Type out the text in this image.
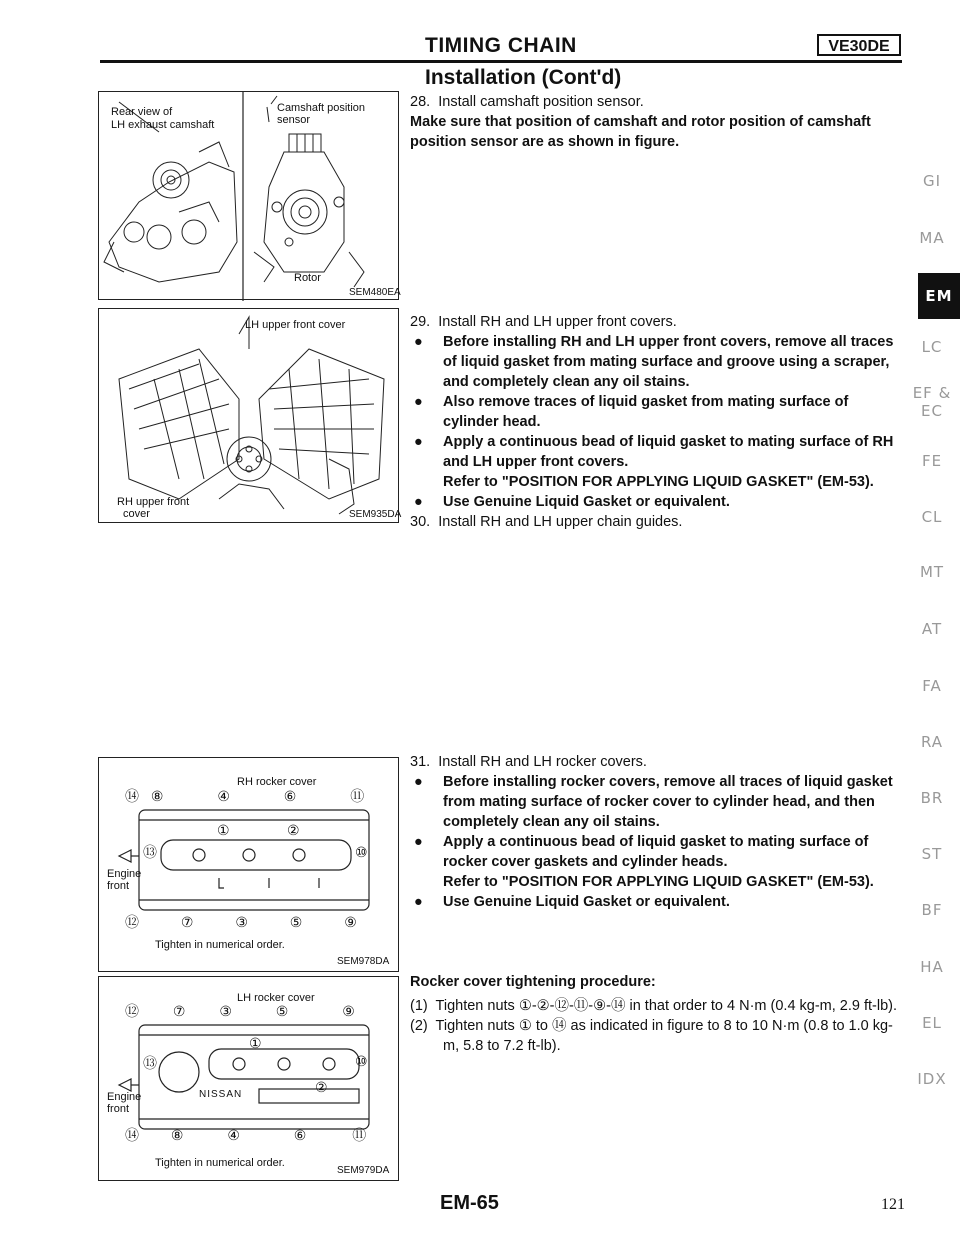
TIMING CHAIN	VE30DE
Installation (Cont'd)
Rear view of
LH exhaust camshaft
Camshaft position
sensor
Rotor
SEM480EA
LH upper front cover
RH upper front
cover	SEM935DA
RH rocker cover
⑭ ⑧	④	⑥	⑪
①	②
⑬	⑩
⑫	⑦	③	⑤	⑨
Engine
front
Tighten in numerical order.
SEM978DA
LH rocker cover
⑫ ⑦ ③	⑤	⑨
①
②
⑬	⑩
NISSAN
⑭ ⑧	④	⑥	⑪
Engine
front
Tighten in numerical order.
SEM979DA

28. Install camshaft position sensor.

Make sure that position of camshaft and rotor position of camshaft position sensor are as shown in figure.

29. Install RH and LH upper front covers.

● Before installing RH and LH upper front covers, remove all traces of liquid gasket from mating surface and groove using a scraper, and completely clean any oil stains.

● Also remove traces of liquid gasket from mating surface of cylinder head.

● Apply a continuous bead of liquid gasket to mating surface of RH and LH upper front covers.

Refer to "POSITION FOR APPLYING LIQUID GASKET" (EM-53).

● Use Genuine Liquid Gasket or equivalent.

30. Install RH and LH upper chain guides.

31. Install RH and LH rocker covers.

● Before installing rocker covers, remove all traces of liquid gasket from mating surface of rocker cover to cylinder head, and then completely clean any oil stains.

● Apply a continuous bead of liquid gasket to mating surface of rocker cover gaskets and cylinder heads.

Refer to "POSITION FOR APPLYING LIQUID GASKET" (EM-53).

● Use Genuine Liquid Gasket or equivalent.

Rocker cover tightening procedure:

(1) Tighten nuts ①-②-⑫-⑪-⑨-⑭ in that order to 4 N·m (0.4 kg-m, 2.9 ft-lb).

(2) Tighten nuts ① to ⑭ as indicated in figure to 8 to 10 N·m (0.8 to 1.0 kg-m, 5.8 to 7.2 ft-lb).

GI
MA
EM
LC
EF &
EC
FE
CL
MT
AT
FA
RA
BR
ST
BF
HA
EL
IDX
EM-65	121
